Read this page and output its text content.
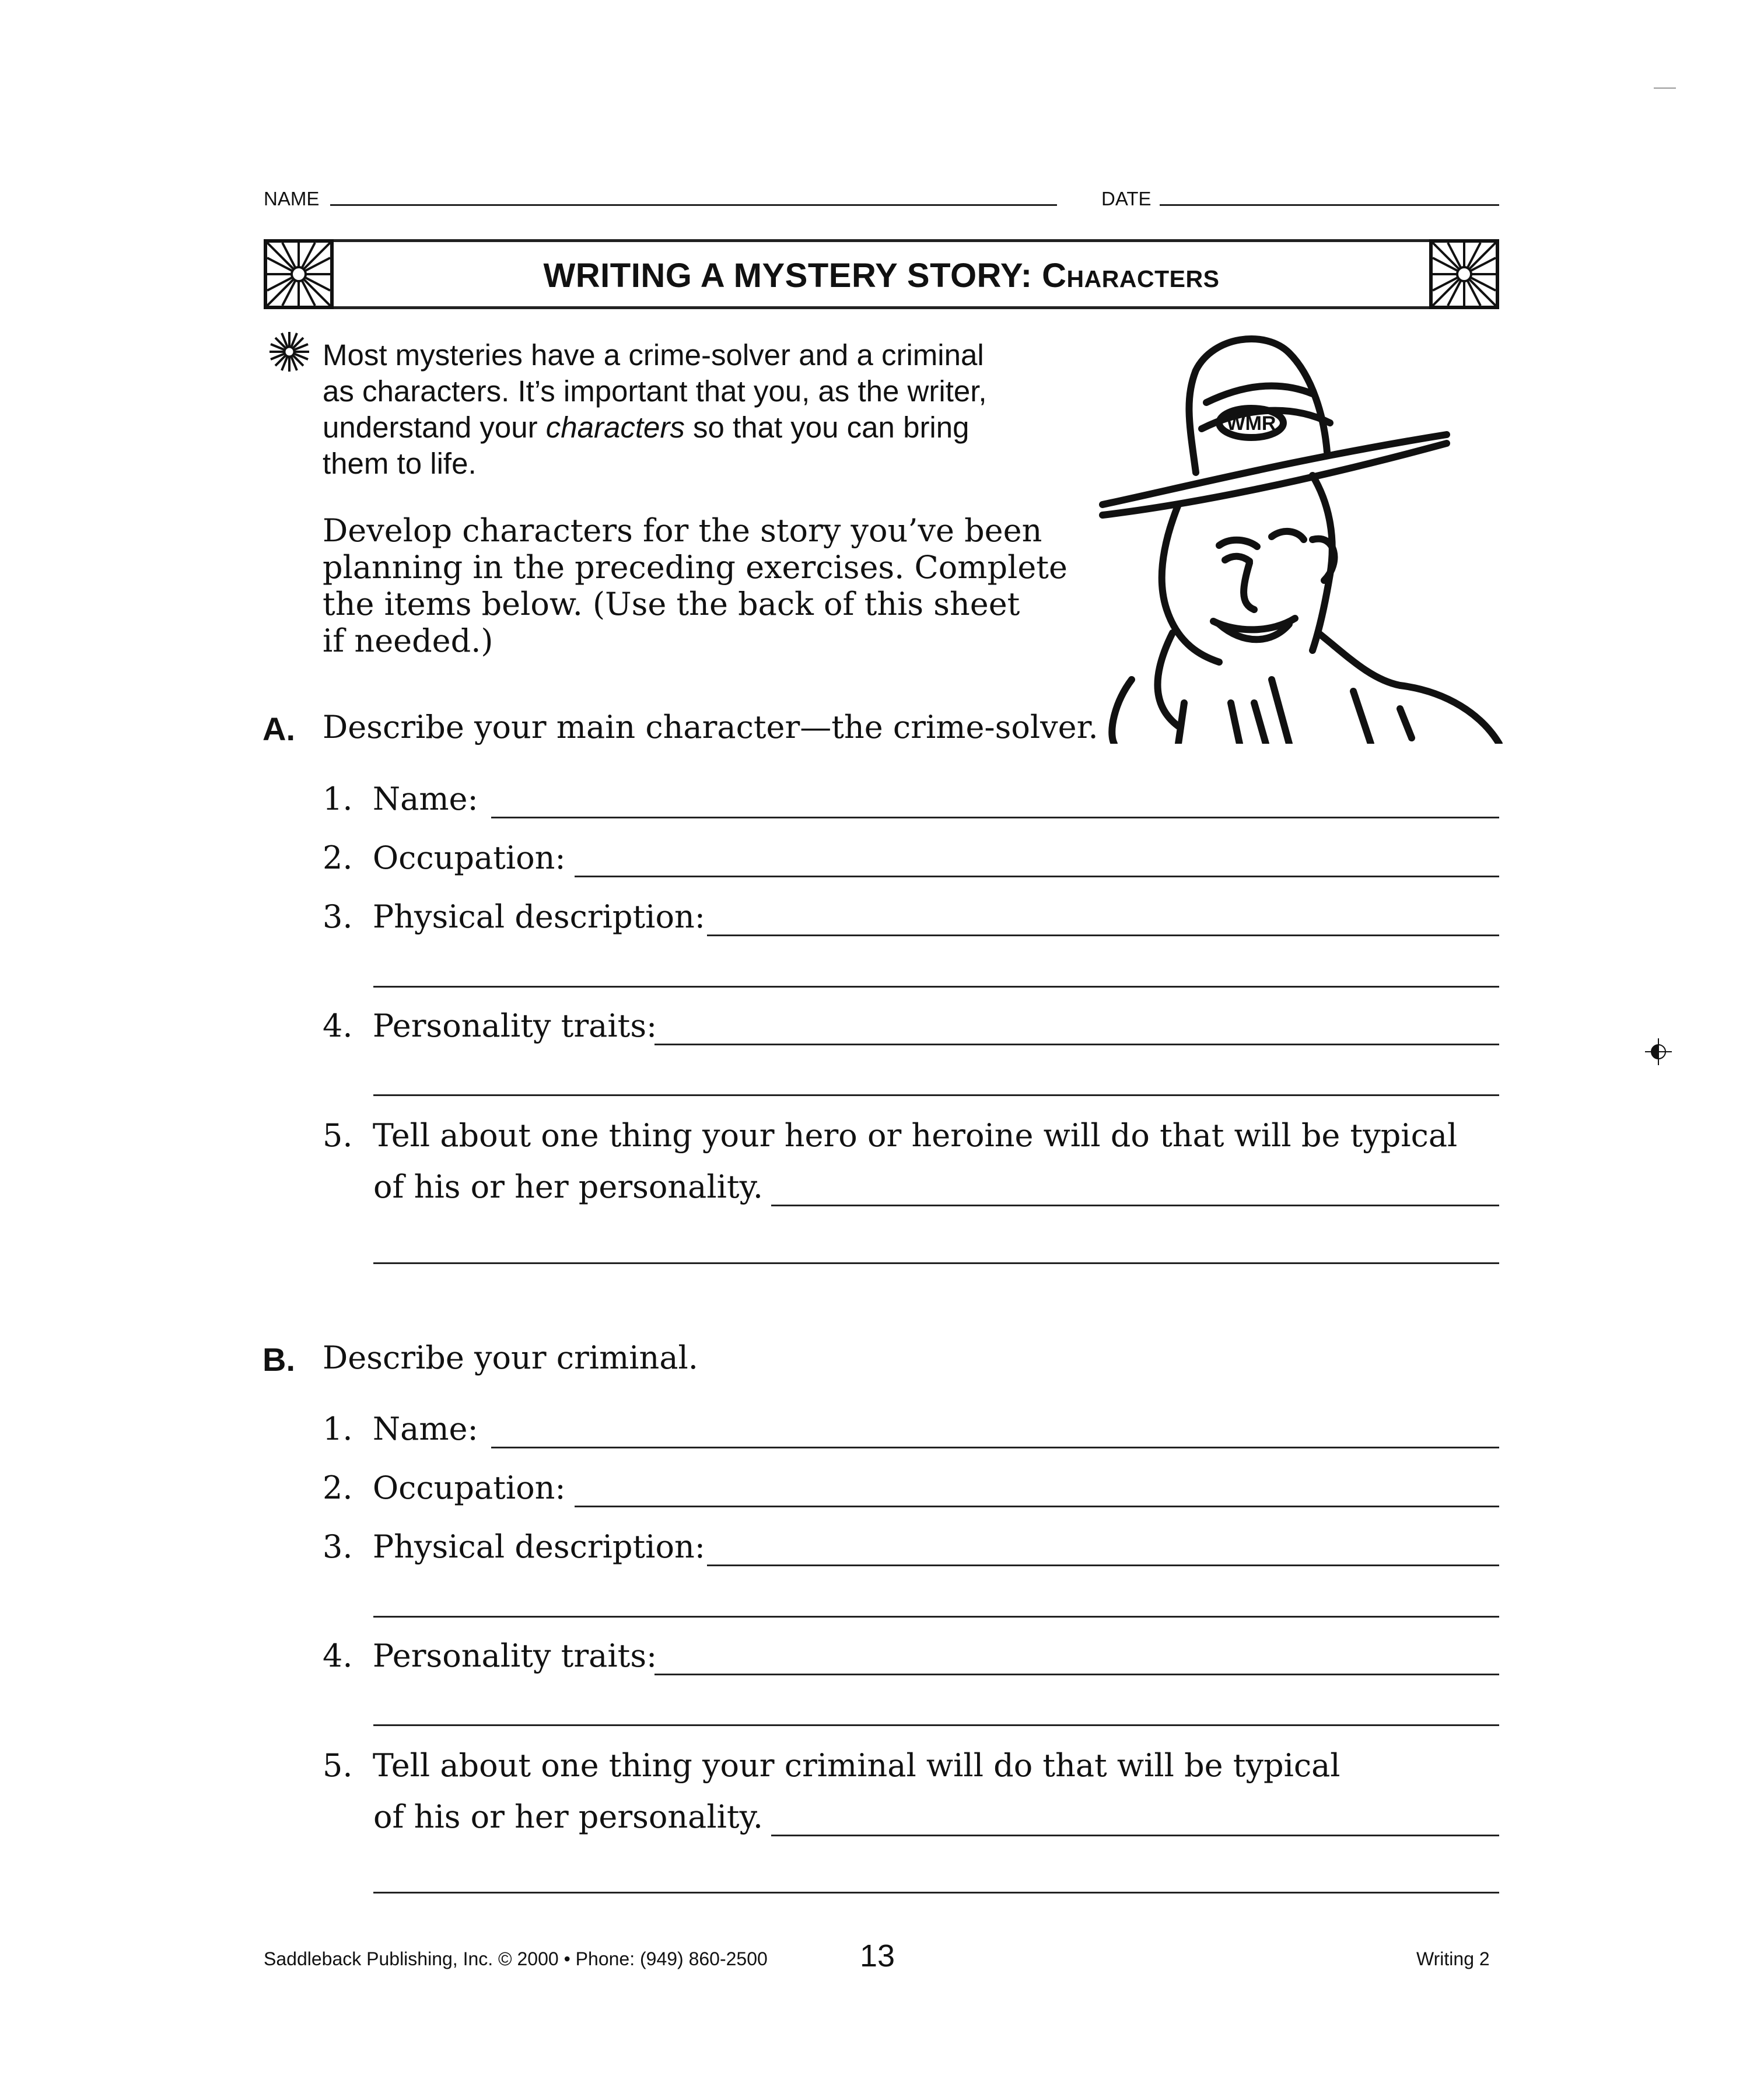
NAME	DATE
WRITING A MYSTERY STORY: Characters
Most mysteries have a crime-solver and a criminal
as characters. It’s important that you, as the writer,
understand your characters so that you can bring
them to life.
Develop characters for the story you’ve been
planning in the preceding exercises. Complete
the items below. (Use the back of this sheet
if needed.)
WMR
A. Describe your main character—the crime-solver.
1. Name:
2. Occupation:
3. Physical description:
4. Personality traits:
5. Tell about one thing your hero or heroine will do that will be typical
of his or her personality.
B. Describe your criminal.
1. Name:
2. Occupation:
3. Physical description:
4. Personality traits:
5. Tell about one thing your criminal will do that will be typical
of his or her personality.
Saddleback Publishing, Inc. © 2000 • Phone: (949) 860-2500	13	Writing 2
